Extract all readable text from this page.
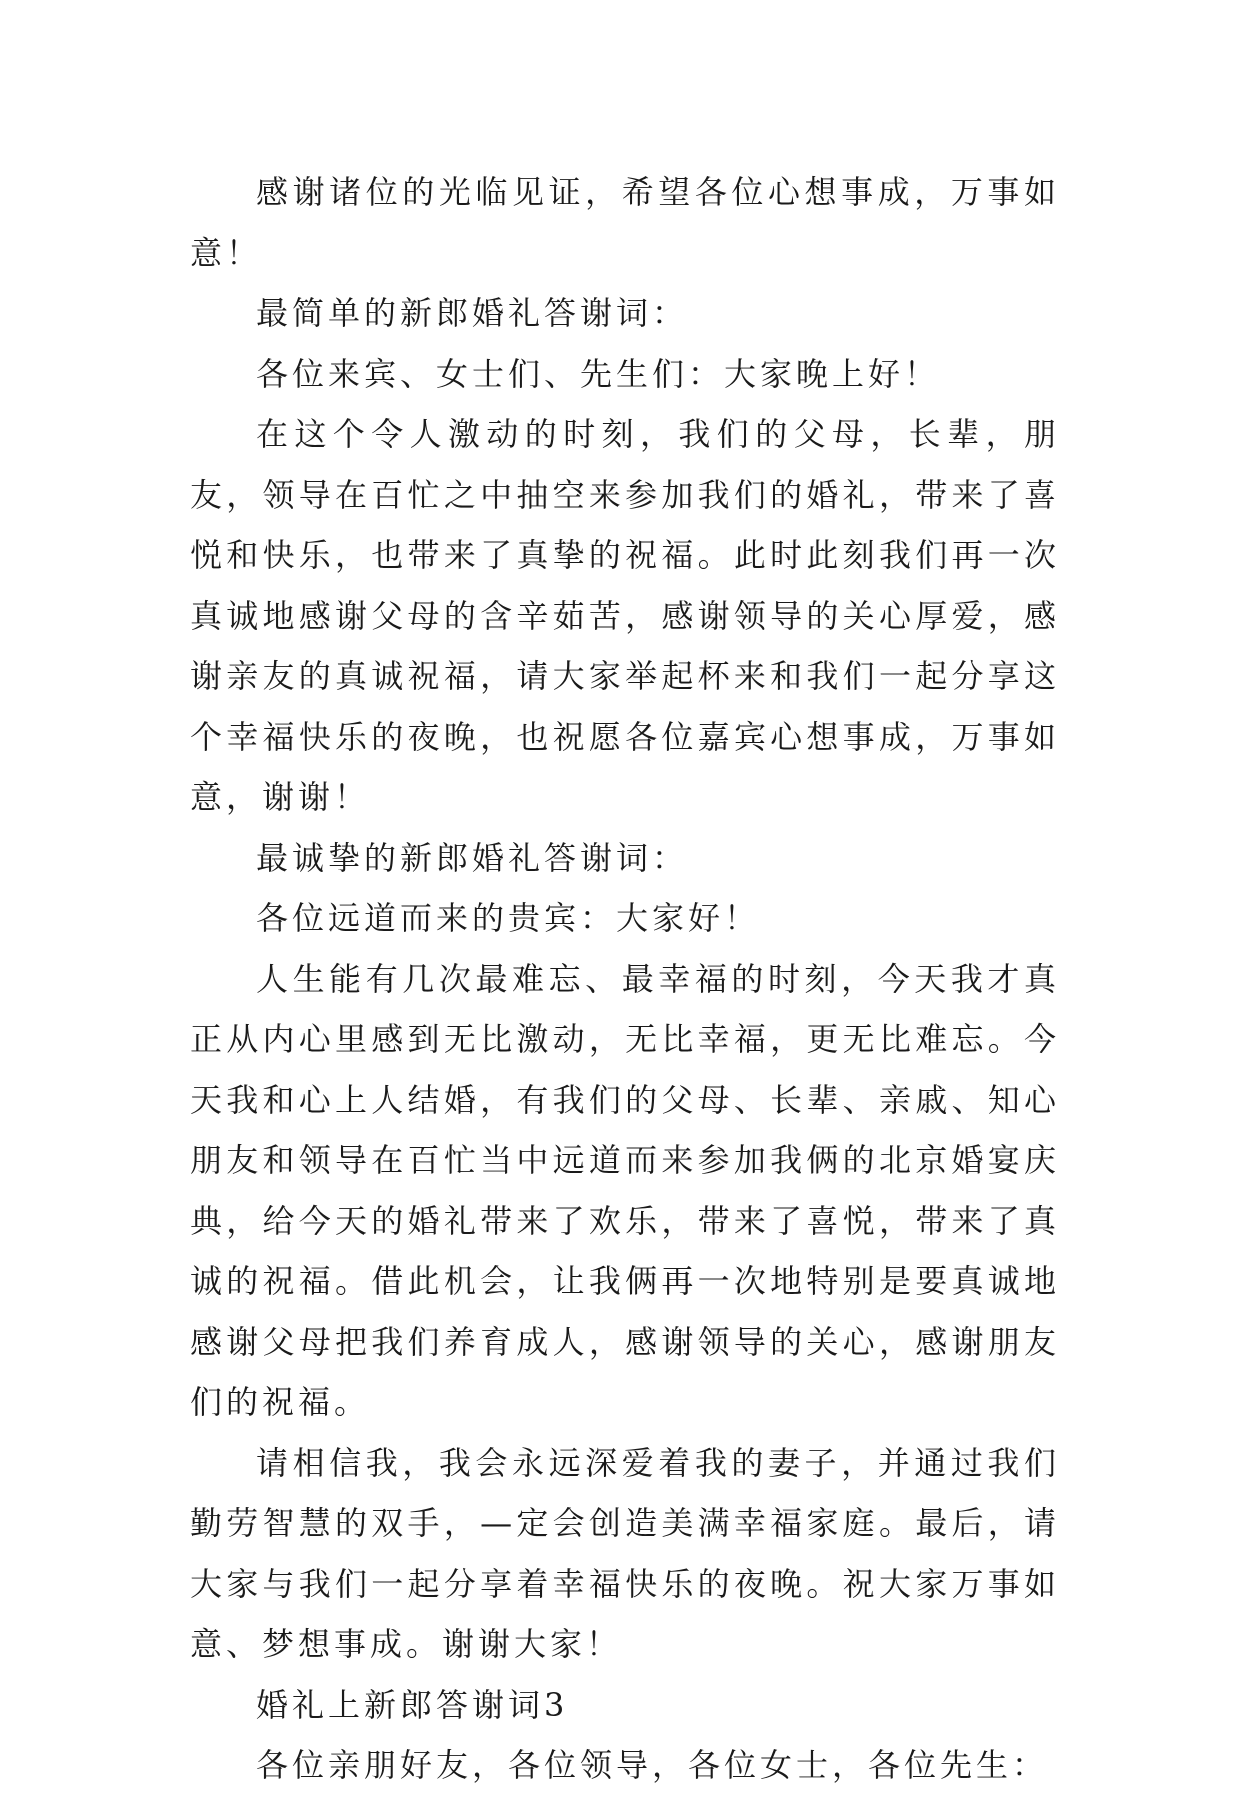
感谢诸位的光临见证，希望各位心想事成，万事如意！

最简单的新郎婚礼答谢词：

各位来宾、女士们、先生们：大家晚上好！

在这个令人激动的时刻，我们的父母，长辈，朋友，领导在百忙之中抽空来参加我们的婚礼，带来了喜悦和快乐，也带来了真挚的祝福。此时此刻我们再一次真诚地感谢父母的含辛茹苦，感谢领导的关心厚爱，感谢亲友的真诚祝福，请大家举起杯来和我们一起分享这个幸福快乐的夜晚，也祝愿各位嘉宾心想事成，万事如意，谢谢！

最诚挚的新郎婚礼答谢词：

各位远道而来的贵宾：大家好！

人生能有几次最难忘、最幸福的时刻，今天我才真正从内心里感到无比激动，无比幸福，更无比难忘。今天我和心上人结婚，有我们的父母、长辈、亲戚、知心朋友和领导在百忙当中远道而来参加我俩的北京婚宴庆典，给今天的婚礼带来了欢乐，带来了喜悦，带来了真诚的祝福。借此机会，让我俩再一次地特别是要真诚地感谢父母把我们养育成人，感谢领导的关心，感谢朋友们的祝福。

请相信我，我会永远深爱着我的妻子，并通过我们勤劳智慧的双手，—定会创造美满幸福家庭。最后，请大家与我们一起分享着幸福快乐的夜晚。祝大家万事如意、梦想事成。谢谢大家！

婚礼上新郎答谢词3

各位亲朋好友，各位领导，各位女士，各位先生：
